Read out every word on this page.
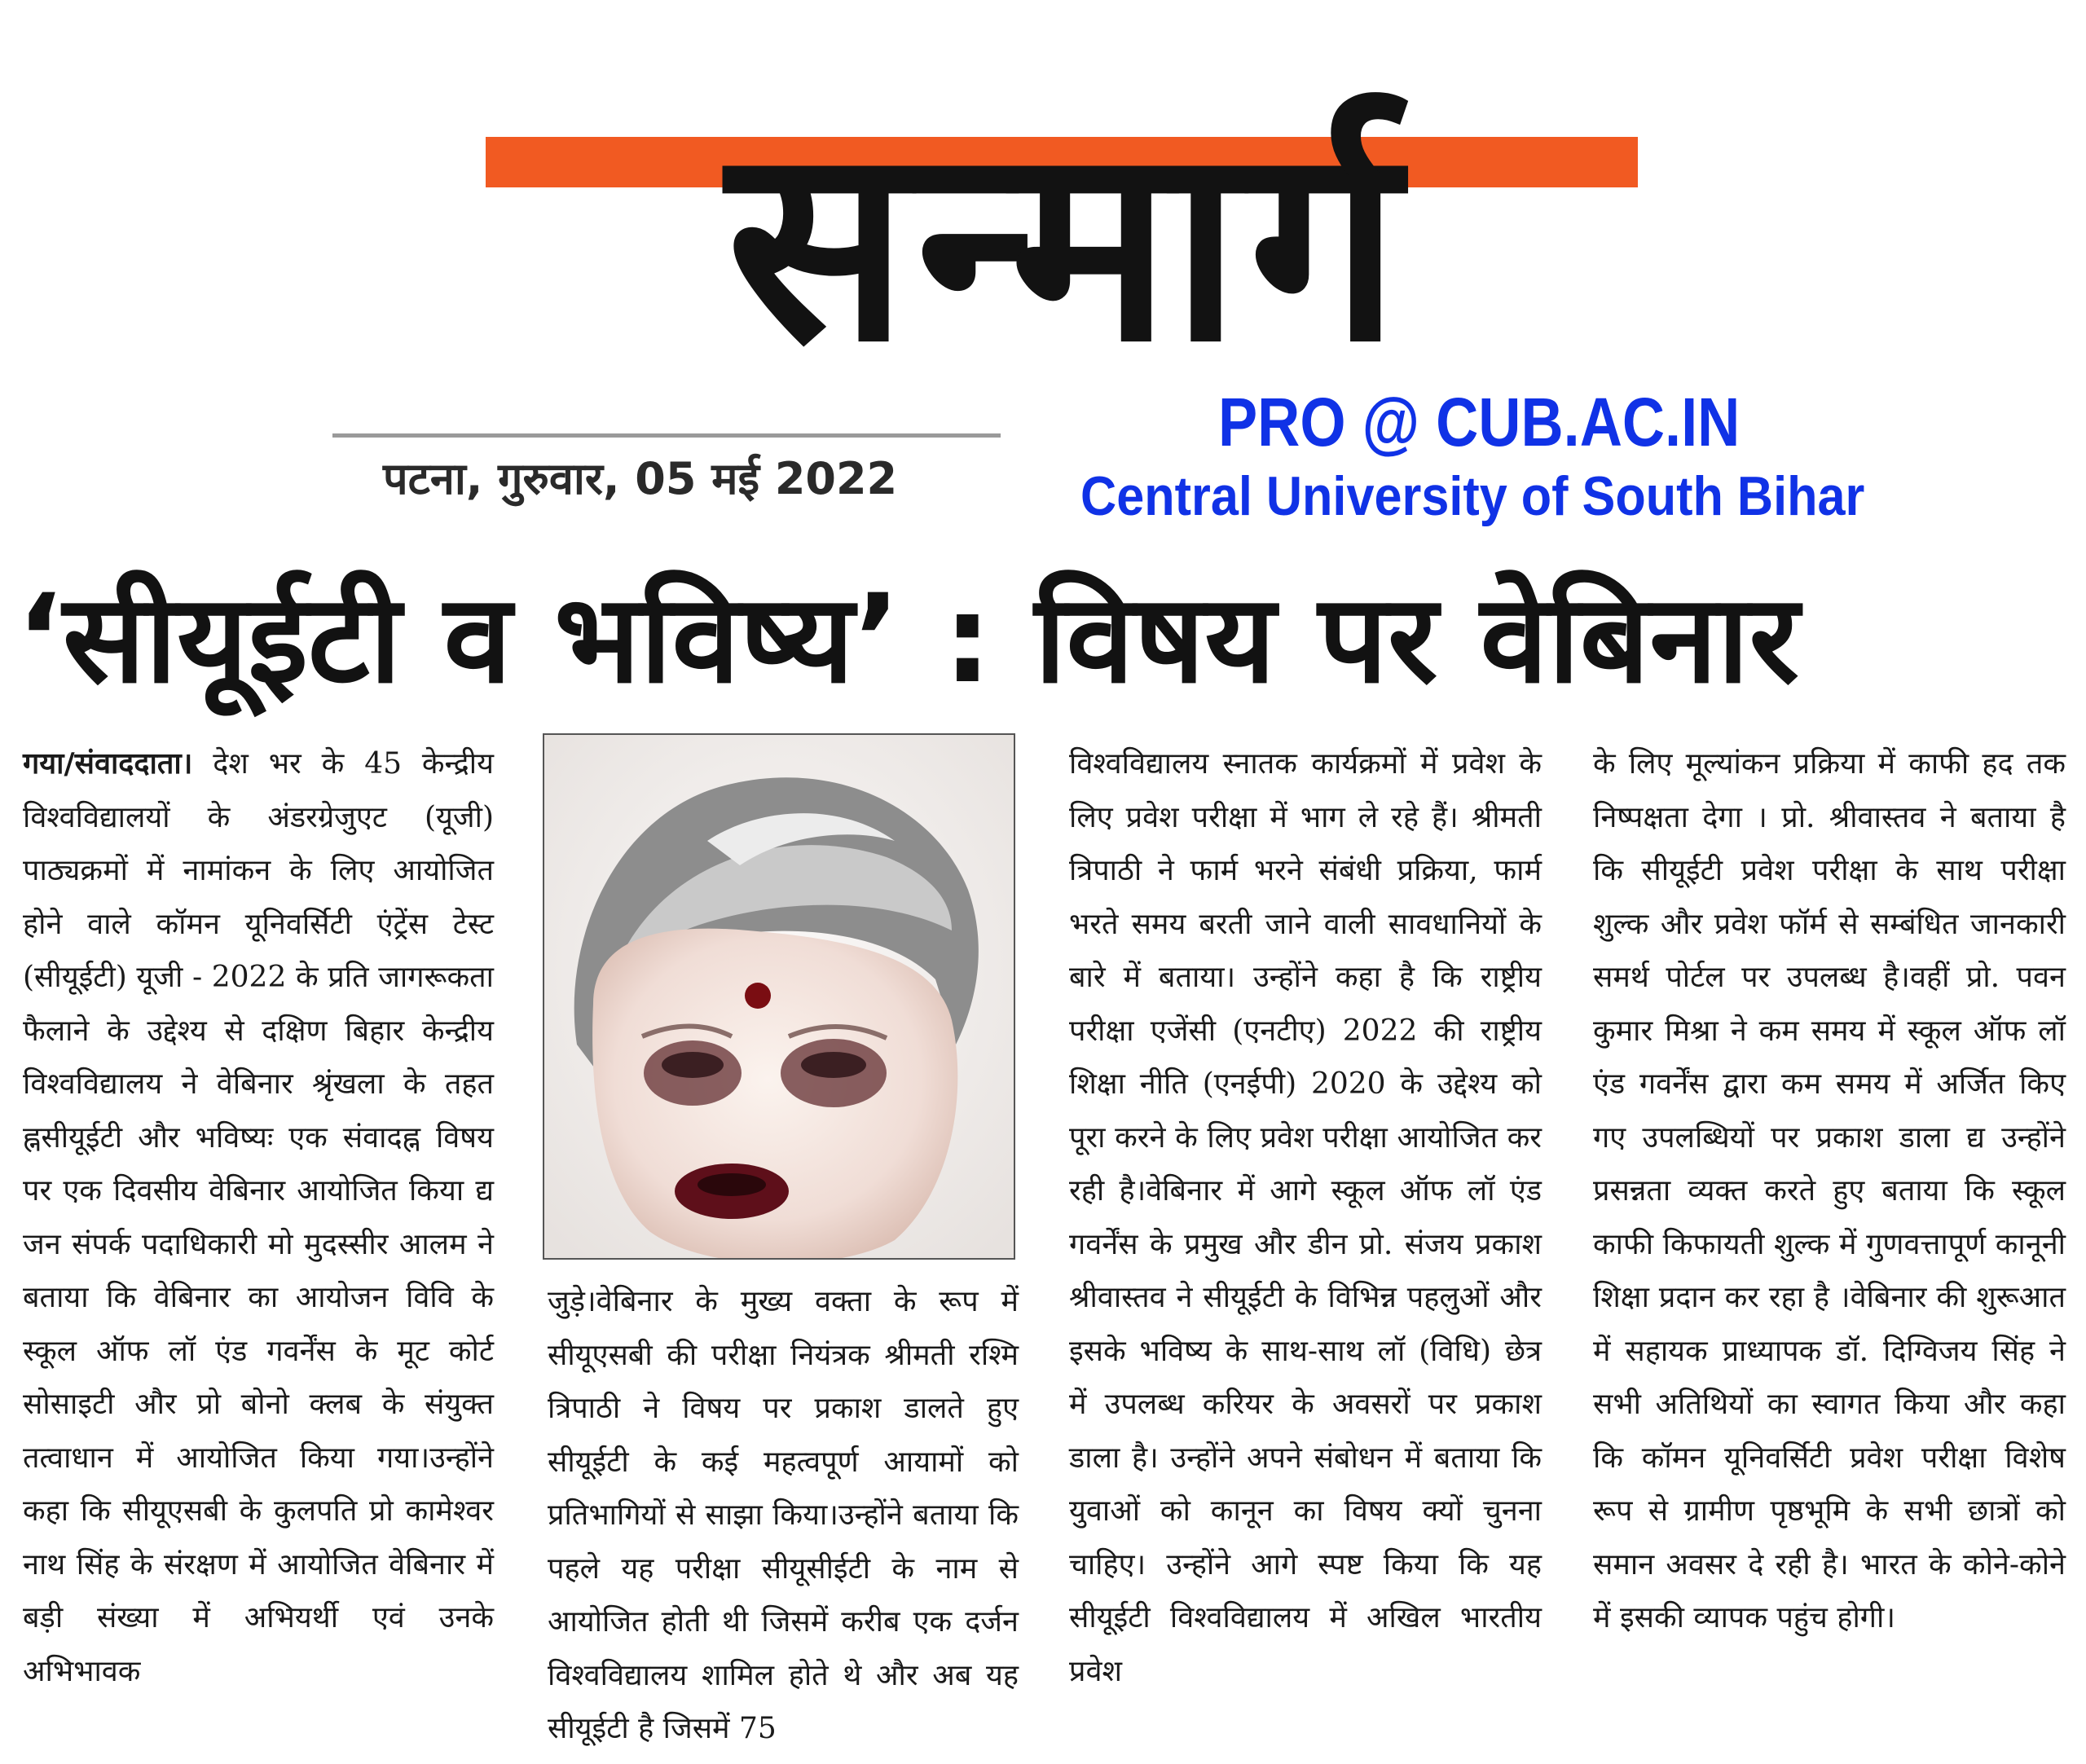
सन्मार्ग
पटना, गुरुवार, 05 मई 2022
PRO @ CUB.AC.IN
Central University of South Bihar
‘सीयूईटी व भविष्य’ : विषय पर वेबिनार
गया/संवाददाता। देश भर के 45 केन्द्रीय विश्वविद्यालयों के अंडरग्रेजुएट (यूजी) पाठ्यक्रमों में नामांकन के लिए आयोजित होने वाले कॉमन यूनिवर्सिटी एंट्रेंस टेस्ट (सीयूईटी) यूजी - 2022 के प्रति जागरूकता फैलाने के उद्देश्य से दक्षिण बिहार केन्द्रीय विश्वविद्यालय ने वेबिनार श्रृंखला के तहत ह्नसीयूईटी और भविष्यः एक संवादह्न विषय पर एक दिवसीय वेबिनार आयोजित किया द्य जन संपर्क पदाधिकारी मो मुदस्सीर आलम ने बताया कि वेबिनार का आयोजन विवि के स्कूल ऑफ लॉ एंड गवर्नेंस के मूट कोर्ट सोसाइटी और प्रो बोनो क्लब के संयुक्त तत्वाधान में आयोजित किया गया।उन्होंने कहा कि सीयूएसबी के कुलपति प्रो कामेश्वर नाथ सिंह के संरक्षण में आयोजित वेबिनार में बड़ी संख्या में अभियर्थी एवं उनके अभिभावक
जुड़े।वेबिनार के मुख्य वक्ता के रूप में सीयूएसबी की परीक्षा नियंत्रक श्रीमती रश्मि त्रिपाठी ने विषय पर प्रकाश डालते हुए सीयूईटी के कई महत्वपूर्ण आयामों को प्रतिभागियों से साझा किया।उन्होंने बताया कि पहले यह परीक्षा सीयूसीईटी के नाम से आयोजित होती थी जिसमें करीब एक दर्जन विश्वविद्यालय शामिल होते थे और अब यह सीयूईटी है जिसमें 75
विश्वविद्यालय स्नातक कार्यक्रमों में प्रवेश के लिए प्रवेश परीक्षा में भाग ले रहे हैं। श्रीमती त्रिपाठी ने फार्म भरने संबंधी प्रक्रिया, फार्म भरते समय बरती जाने वाली सावधानियों के बारे में बताया। उन्होंने कहा है कि राष्ट्रीय परीक्षा एजेंसी (एनटीए) 2022 की राष्ट्रीय शिक्षा नीति (एनईपी) 2020 के उद्देश्य को पूरा करने के लिए प्रवेश परीक्षा आयोजित कर रही है।वेबिनार में आगे स्कूल ऑफ लॉ एंड गवर्नेंस के प्रमुख और डीन प्रो. संजय प्रकाश श्रीवास्तव ने सीयूईटी के विभिन्न पहलुओं और इसके भविष्य के साथ-साथ लॉ (विधि) छेत्र में उपलब्ध करियर के अवसरों पर प्रकाश डाला है। उन्होंने अपने संबोधन में बताया कि युवाओं को कानून का विषय क्यों चुनना चाहिए। उन्होंने आगे स्पष्ट किया कि यह सीयूईटी विश्वविद्यालय में अखिल भारतीय प्रवेश
के लिए मूल्यांकन प्रक्रिया में काफी हद तक निष्पक्षता देगा । प्रो. श्रीवास्तव ने बताया है कि सीयूईटी प्रवेश परीक्षा के साथ परीक्षा शुल्क और प्रवेश फॉर्म से सम्बंधित जानकारी समर्थ पोर्टल पर उपलब्ध है।वहीं प्रो. पवन कुमार मिश्रा ने कम समय में स्कूल ऑफ लॉ एंड गवर्नेंस द्वारा कम समय में अर्जित किए गए उपलब्धियों पर प्रकाश डाला द्य उन्होंने प्रसन्नता व्यक्त करते हुए बताया कि स्कूल काफी किफायती शुल्क में गुणवत्तापूर्ण कानूनी शिक्षा प्रदान कर रहा है ।वेबिनार की शुरूआत में सहायक प्राध्यापक डॉ. दिग्विजय सिंह ने सभी अतिथियों का स्वागत किया और कहा कि कॉमन यूनिवर्सिटी प्रवेश परीक्षा विशेष रूप से ग्रामीण पृष्ठभूमि के सभी छात्रों को समान अवसर दे रही है। भारत के कोने-कोने में इसकी व्यापक पहुंच होगी।
